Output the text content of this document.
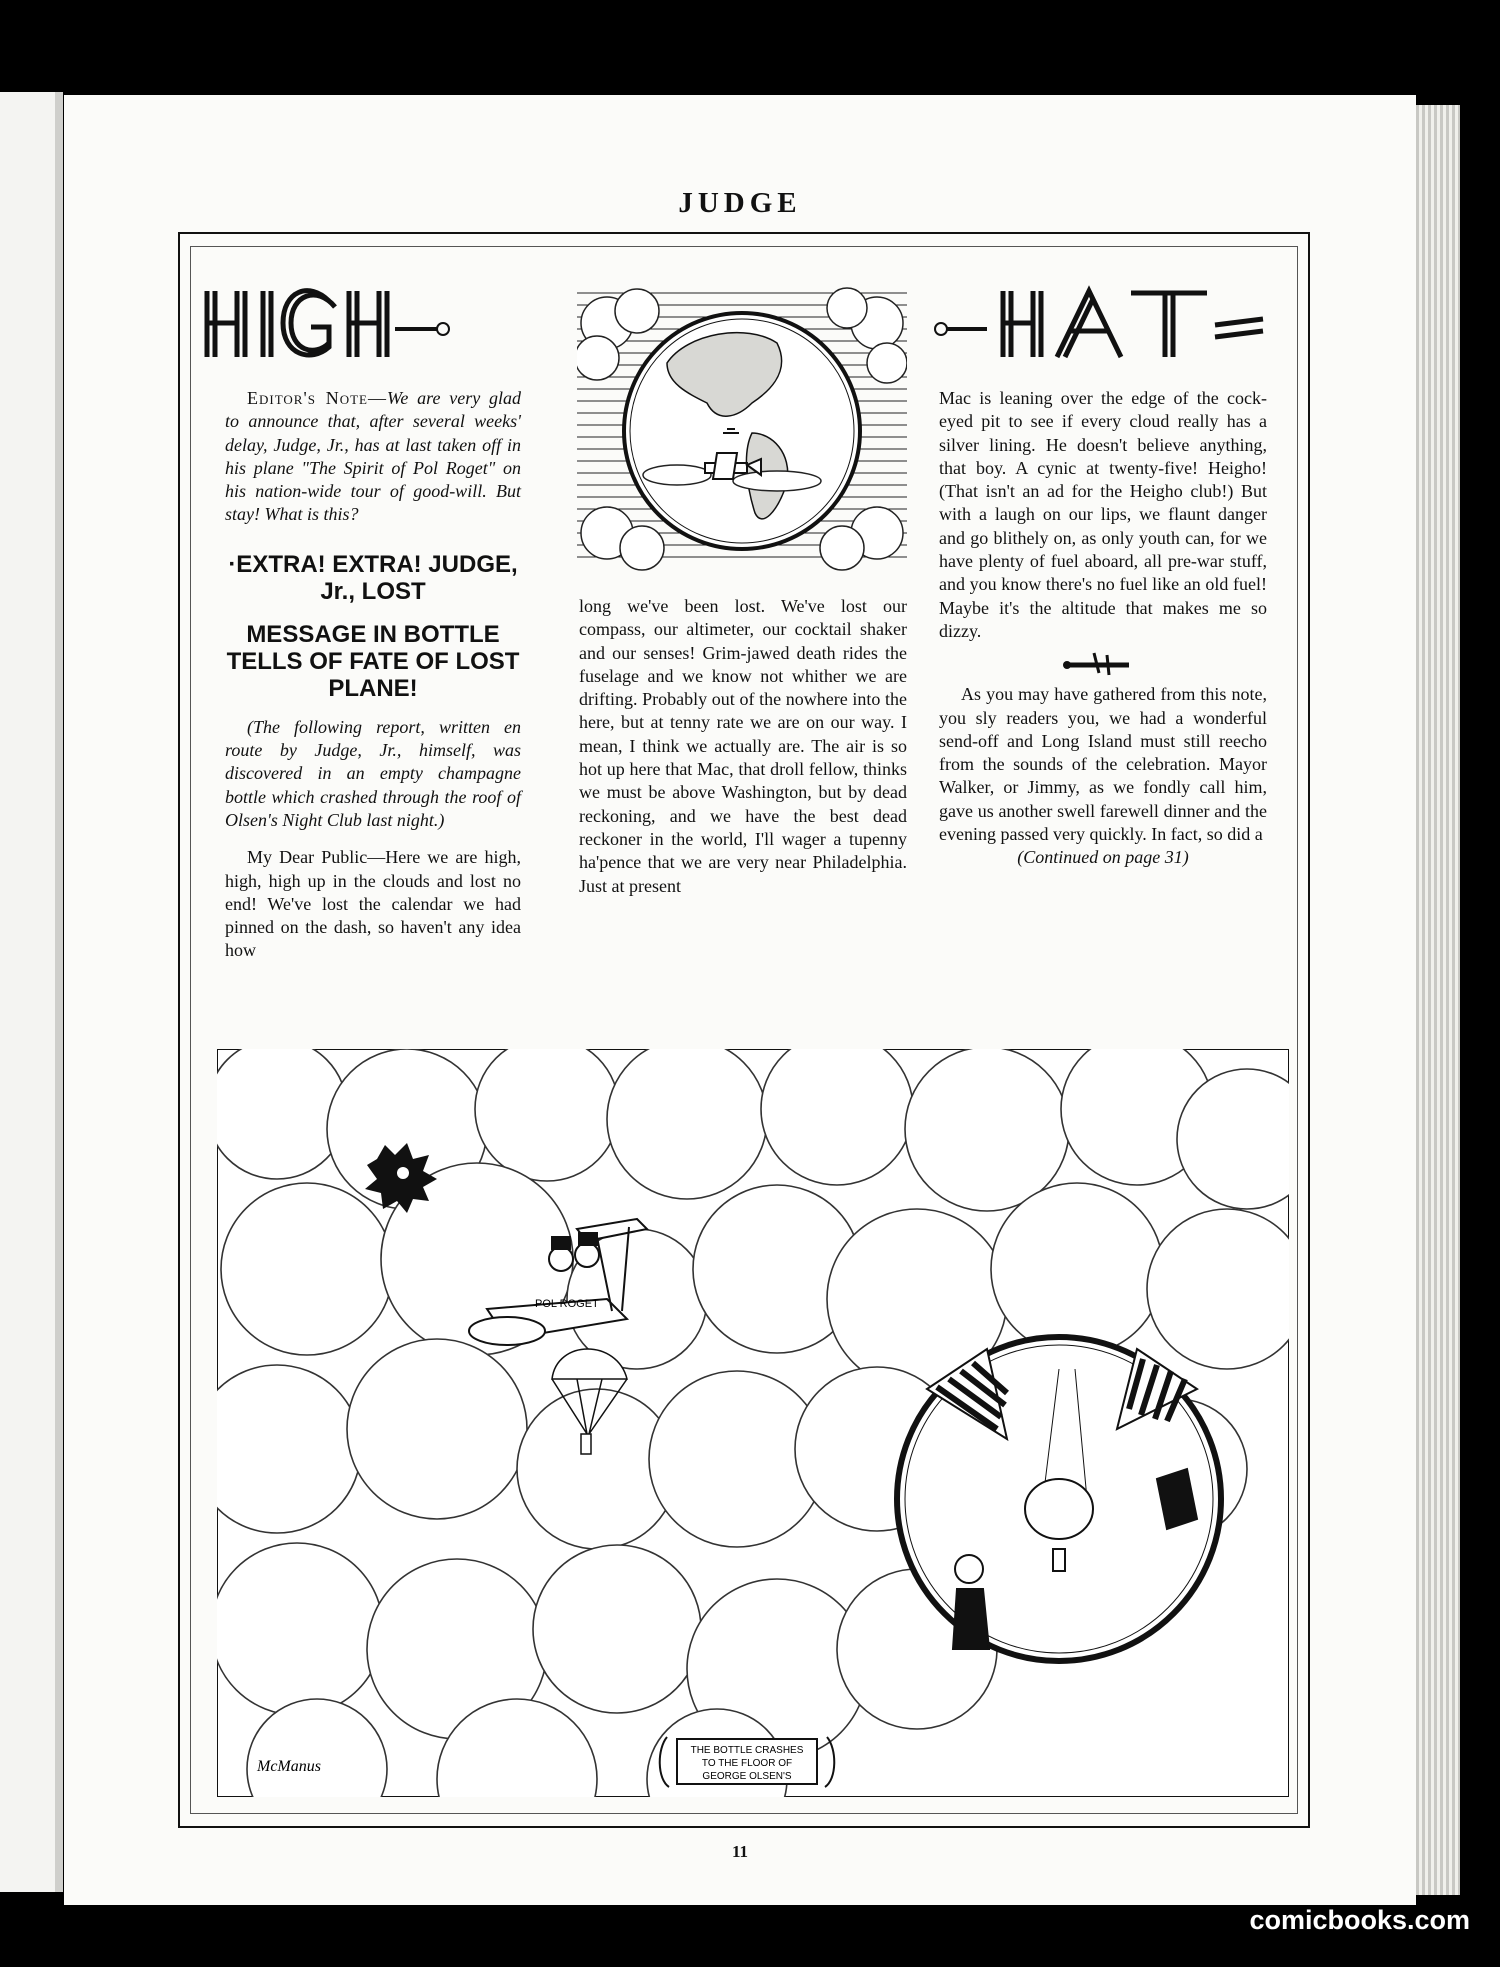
JUDGE
HIGH-
-HAT-

Editor's Note—We are very glad to announce that, after several weeks' delay, Judge, Jr., has at last taken off in his plane "The Spirit of Pol Roget" on his nation-wide tour of good-will. But stay! What is this?

·EXTRA! EXTRA! JUDGE, Jr., LOST

MESSAGE IN BOTTLE TELLS OF FATE OF LOST PLANE!

(The following report, written en route by Judge, Jr., himself, was discovered in an empty champagne bottle which crashed through the roof of Olsen's Night Club last night.)

My Dear Public—Here we are high, high, high up in the clouds and lost no end! We've lost the calendar we had pinned on the dash, so haven't any idea how

long we've been lost. We've lost our compass, our altimeter, our cocktail shaker and our senses! Grim-jawed death rides the fuselage and we know not whither we are drifting. Probably out of the nowhere into the here, but at tenny rate we are on our way. I mean, I think we actually are. The air is so hot up here that Mac, that droll fellow, thinks we must be above Washington, but by dead reckoning, and we have the best dead reckoner in the world, I'll wager a tupenny ha'pence that we are very near Philadelphia. Just at present

Mac is leaning over the edge of the cock-eyed pit to see if every cloud really has a silver lining. He doesn't believe anything, that boy. A cynic at twenty-five! Heigho! (That isn't an ad for the Heigho club!) But with a laugh on our lips, we flaunt danger and go blithely on, as only youth can, for we have plenty of fuel aboard, all pre-war stuff, and you know there's no fuel like an old fuel! Maybe it's the altitude that makes me so dizzy.

As you may have gathered from this note, you sly readers you, we had a wonderful send-off and Long Island must still reecho from the sounds of the celebration. Mayor Walker, or Jimmy, as we fondly call him, gave us another swell farewell dinner and the evening passed very quickly. In fact, so did a

(Continued on page 31)

POL ROGET
THE BOTTLE CRASHES
TO THE FLOOR OF
GEORGE OLSEN'S
McManus
11
comicbooks.com
